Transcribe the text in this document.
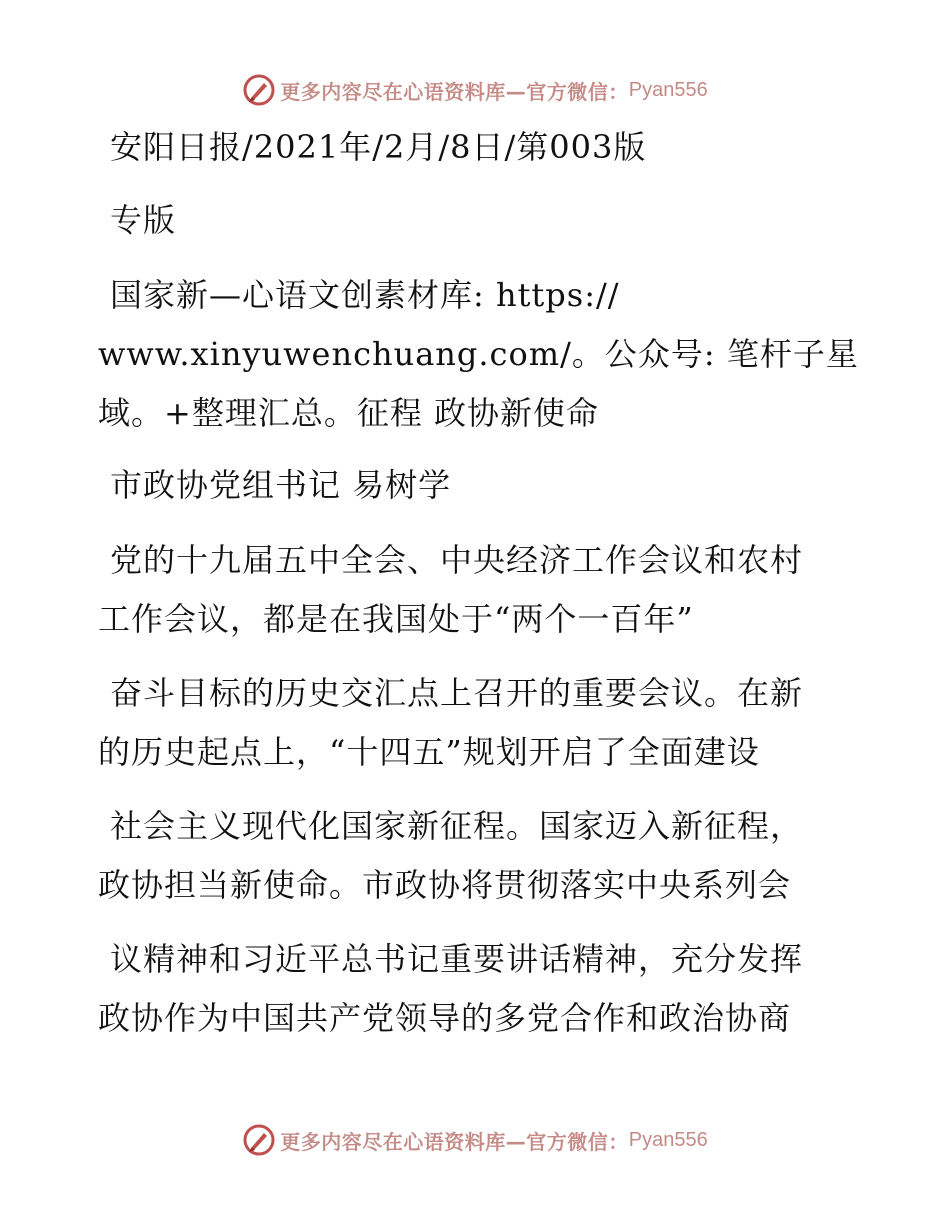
更多内容尽在心语资料库—官方微信： Pyan556
安阳日报/2021年/2月/8日/第003版
专版
国家新—心语文创素材库: https://
www.xinyuwenchuang.com/。公众号: 笔杆子星
域。+整理汇总。征程 政协新使命
市政协党组书记 易树学
党的十九届五中全会、中央经济工作会议和农村
工作会议，都是在我国处于“两个一百年”
奋斗目标的历史交汇点上召开的重要会议。在新
的历史起点上，“十四五”规划开启了全面建设
社会主义现代化国家新征程。国家迈入新征程，
政协担当新使命。市政协将贯彻落实中央系列会
议精神和习近平总书记重要讲话精神，充分发挥
政协作为中国共产党领导的多党合作和政治协商
更多内容尽在心语资料库—官方微信： Pyan556
